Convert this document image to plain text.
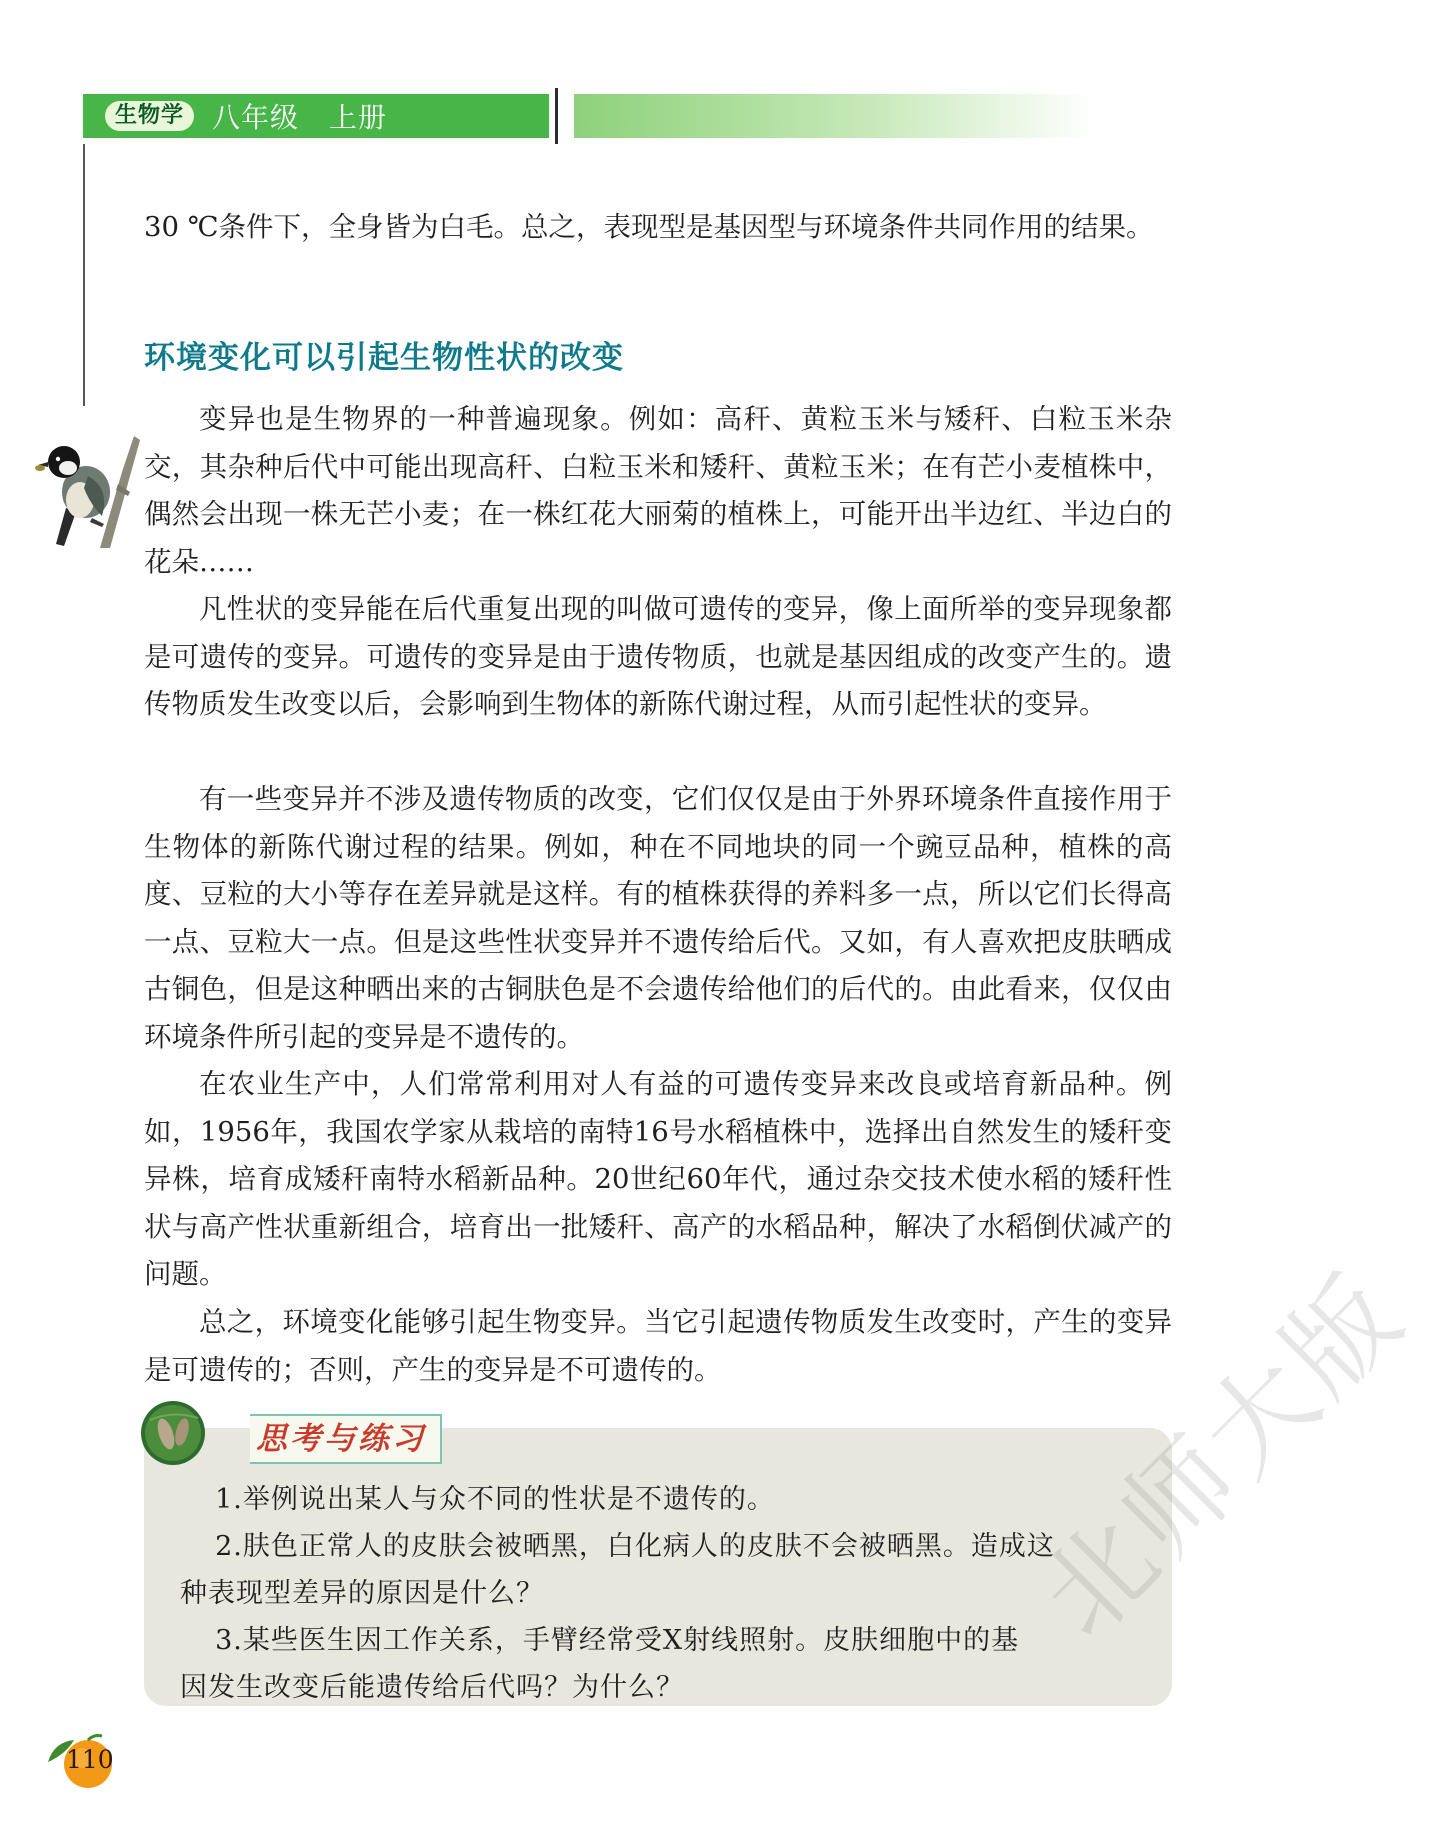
生物学	八年级 上册

30 ℃条件下，全身皆为白毛。总之，表现型是基因型与环境条件共同作用的结果。

环境变化可以引起生物性状的改变

变异也是生物界的一种普遍现象。例如：高秆、黄粒玉米与矮秆、白粒玉米杂交，其杂种后代中可能出现高秆、白粒玉米和矮秆、黄粒玉米；在有芒小麦植株中，偶然会出现一株无芒小麦；在一株红花大丽菊的植株上，可能开出半边红、半边白的花朵……

凡性状的变异能在后代重复出现的叫做可遗传的变异，像上面所举的变异现象都是可遗传的变异。可遗传的变异是由于遗传物质，也就是基因组成的改变产生的。遗传物质发生改变以后，会影响到生物体的新陈代谢过程，从而引起性状的变异。

有一些变异并不涉及遗传物质的改变，它们仅仅是由于外界环境条件直接作用于生物体的新陈代谢过程的结果。例如，种在不同地块的同一个豌豆品种，植株的高度、豆粒的大小等存在差异就是这样。有的植株获得的养料多一点，所以它们长得高一点、豆粒大一点。但是这些性状变异并不遗传给后代。又如，有人喜欢把皮肤晒成古铜色，但是这种晒出来的古铜肤色是不会遗传给他们的后代的。由此看来，仅仅由环境条件所引起的变异是不遗传的。

在农业生产中，人们常常利用对人有益的可遗传变异来改良或培育新品种。例如，1956年，我国农学家从栽培的南特16号水稻植株中，选择出自然发生的矮秆变异株，培育成矮秆南特水稻新品种。20世纪60年代，通过杂交技术使水稻的矮秆性状与高产性状重新组合，培育出一批矮秆、高产的水稻品种，解决了水稻倒伏减产的问题。

总之，环境变化能够引起生物变异。当它引起遗传物质发生改变时，产生的变异是可遗传的；否则，产生的变异是不可遗传的。

思考与练习

1.举例说出某人与众不同的性状是不遗传的。

2.肤色正常人的皮肤会被晒黑，白化病人的皮肤不会被晒黑。造成这

种表现型差异的原因是什么？

3.某些医生因工作关系，手臂经常受X射线照射。皮肤细胞中的基

因发生改变后能遗传给后代吗？为什么？

北师大版

110
